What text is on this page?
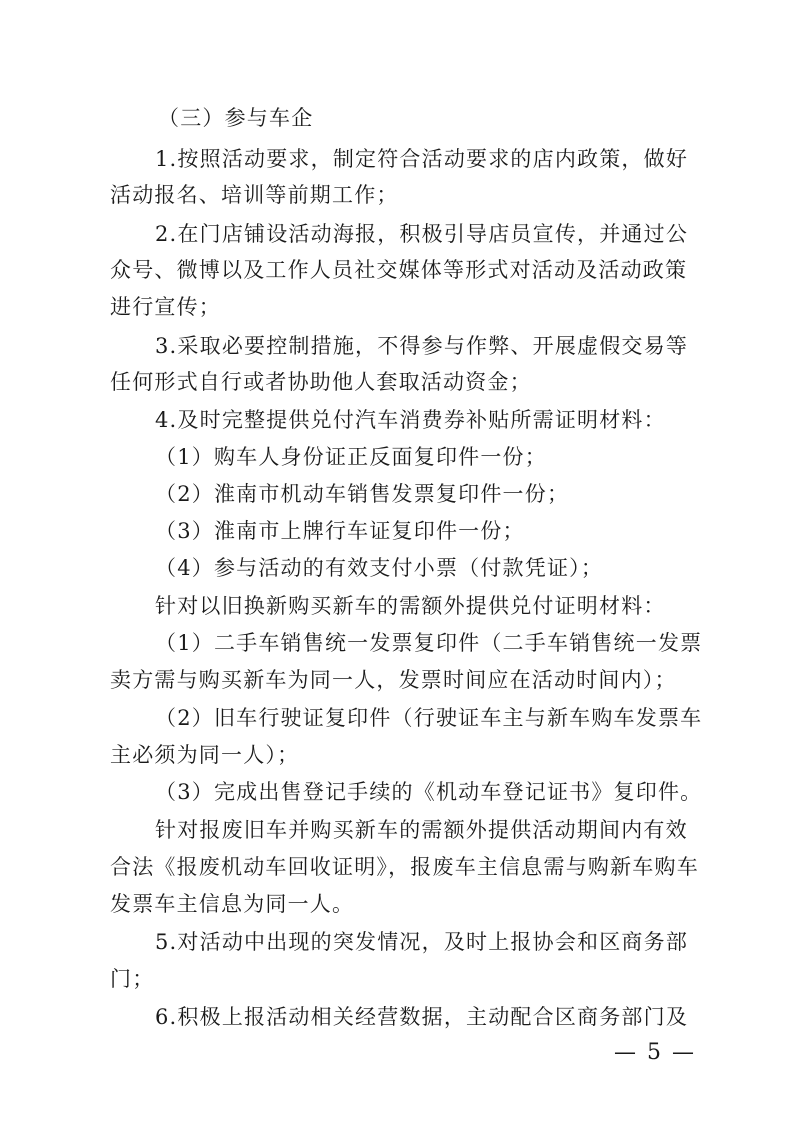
（三）参与车企
1.按照活动要求，制定符合活动要求的店内政策，做好
活动报名、培训等前期工作；
2.在门店铺设活动海报，积极引导店员宣传，并通过公
众号、微博以及工作人员社交媒体等形式对活动及活动政策
进行宣传；
3.采取必要控制措施，不得参与作弊、开展虚假交易等
任何形式自行或者协助他人套取活动资金；
4.及时完整提供兑付汽车消费券补贴所需证明材料：
（1）购车人身份证正反面复印件一份；
（2）淮南市机动车销售发票复印件一份；
（3）淮南市上牌行车证复印件一份；
（4）参与活动的有效支付小票（付款凭证）；
针对以旧换新购买新车的需额外提供兑付证明材料：
（1）二手车销售统一发票复印件（二手车销售统一发票
卖方需与购买新车为同一人，发票时间应在活动时间内）；
（2）旧车行驶证复印件（行驶证车主与新车购车发票车
主必须为同一人）；
（3）完成出售登记手续的《机动车登记证书》复印件。
针对报废旧车并购买新车的需额外提供活动期间内有效
合法《报废机动车回收证明》，报废车主信息需与购新车购车
发票车主信息为同一人。
5.对活动中出现的突发情况，及时上报协会和区商务部
门；
6.积极上报活动相关经营数据，主动配合区商务部门及
— 5 —
